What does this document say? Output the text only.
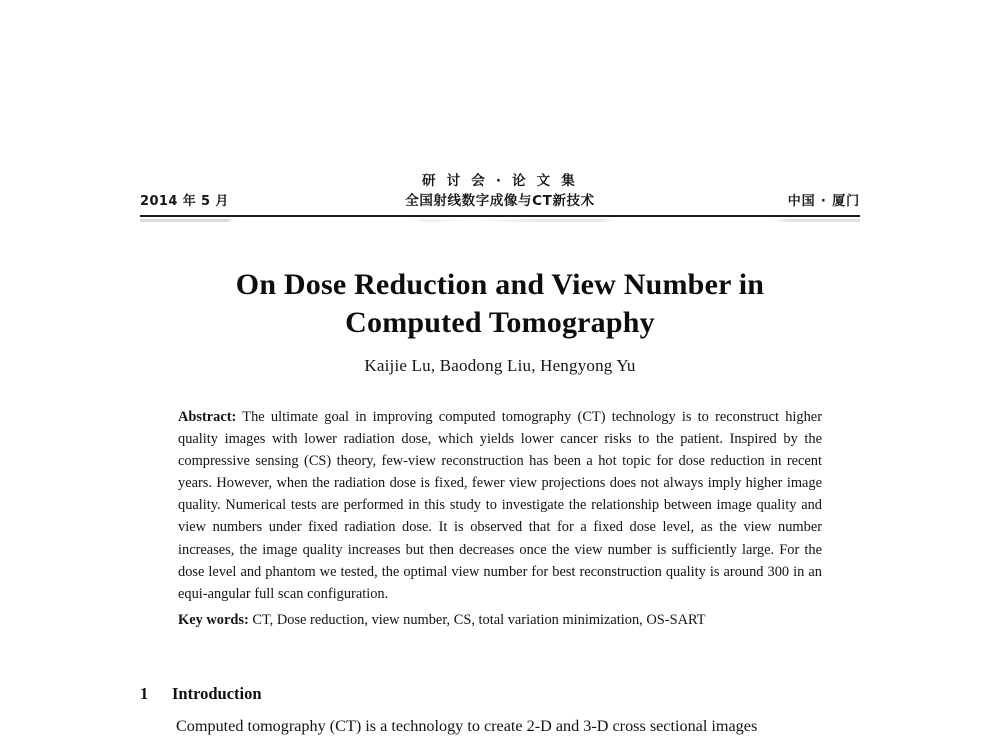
研 讨 会 · 论 文 集
2014 年 5 月	全国射线数字成像与CT新技术	中国 · 厦门
On Dose Reduction and View Number in
Computed Tomography
Kaijie Lu, Baodong Liu, Hengyong Yu
Abstract: The ultimate goal in improving computed tomography (CT) technology is to reconstruct higher quality images with lower radiation dose, which yields lower cancer risks to the patient. Inspired by the compressive sensing (CS) theory, few-view reconstruction has been a hot topic for dose reduction in recent years. However, when the radiation dose is fixed, fewer view projections does not always imply higher image quality. Numerical tests are performed in this study to investigate the relationship between image quality and view numbers under fixed radiation dose. It is observed that for a fixed dose level, as the view number increases, the image quality increases but then decreases once the view number is sufficiently large. For the dose level and phantom we tested, the optimal view number for best reconstruction quality is around 300 in an equi-angular full scan configuration.
Key words: CT, Dose reduction, view number, CS, total variation minimization, OS-SART
1 Introduction
Computed tomography (CT) is a technology to create 2-D and 3-D cross sectional images
